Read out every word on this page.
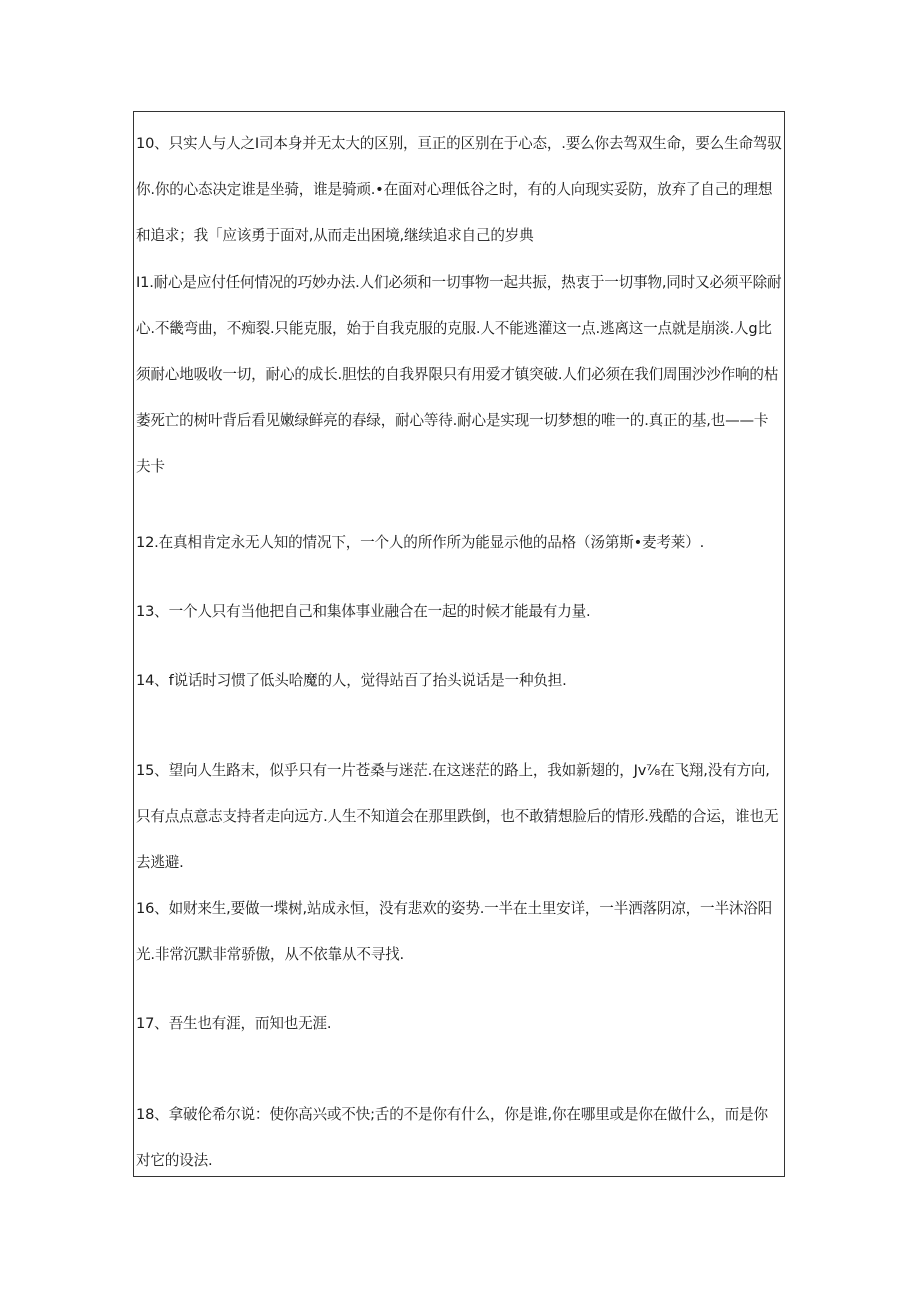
10、只实人与人之I司本身并无太大的区别，亘正的区别在于心态，.要么你去驾双生命，要么生命驾驭你.你的心态决定谁是坐骑，谁是骑顽.•在面对心理低谷之时，有的人向现实妥防，放弃了自己的理想和追求；我「应该勇于面对,从而走出困境,继续追求自己的岁典

I1.耐心是应付任何情况的巧妙办法.人们必须和一切事物一起共振，热衷于一切事物,同时又必须平除耐心.不畿弯曲，不痴裂.只能克服，始于自我克服的克服.人不能逃灌这一点.逃离这一点就是崩淡.人g比须耐心地吸收一切，耐心的成长.胆怯的自我界限只有用爱才镇突破.人们必须在我们周围沙沙作响的枯萎死亡的树叶背后看见嫩绿鲜亮的春绿，耐心等待.耐心是实现一切梦想的唯一的.真正的基,也——卡夫卡

12.在真相肯定永无人知的情况下，一个人的所作所为能显示他的品格（汤第斯•麦考莱）.

13、一个人只有当他把自己和集体事业融合在一起的时候才能最有力量.

14、f说话时习惯了低头哈魔的人，觉得站百了抬头说话是一种负担.

15、望向人生路末，似乎只有一片苍桑与迷茫.在这迷茫的路上，我如新翅的，Jv⅞在飞翔,没有方向,只有点点意志支持者走向远方.人生不知道会在那里跌倒，也不敢猜想脸后的情形.残酷的合运，谁也无去逃避.

16、如财来生,要做一堞树,站成永恒，没有悲欢的姿势.一半在土里安详，一半洒落阴凉，一半沐浴阳光.非常沉默非常骄傲，从不依靠从不寻找.

17、吾生也有涯，而知也无涯.

18、拿破伦希尔说：使你高兴或不快;舌的不是你有什么，你是谁,你在哪里或是你在做什么，而是你对它的设法.
